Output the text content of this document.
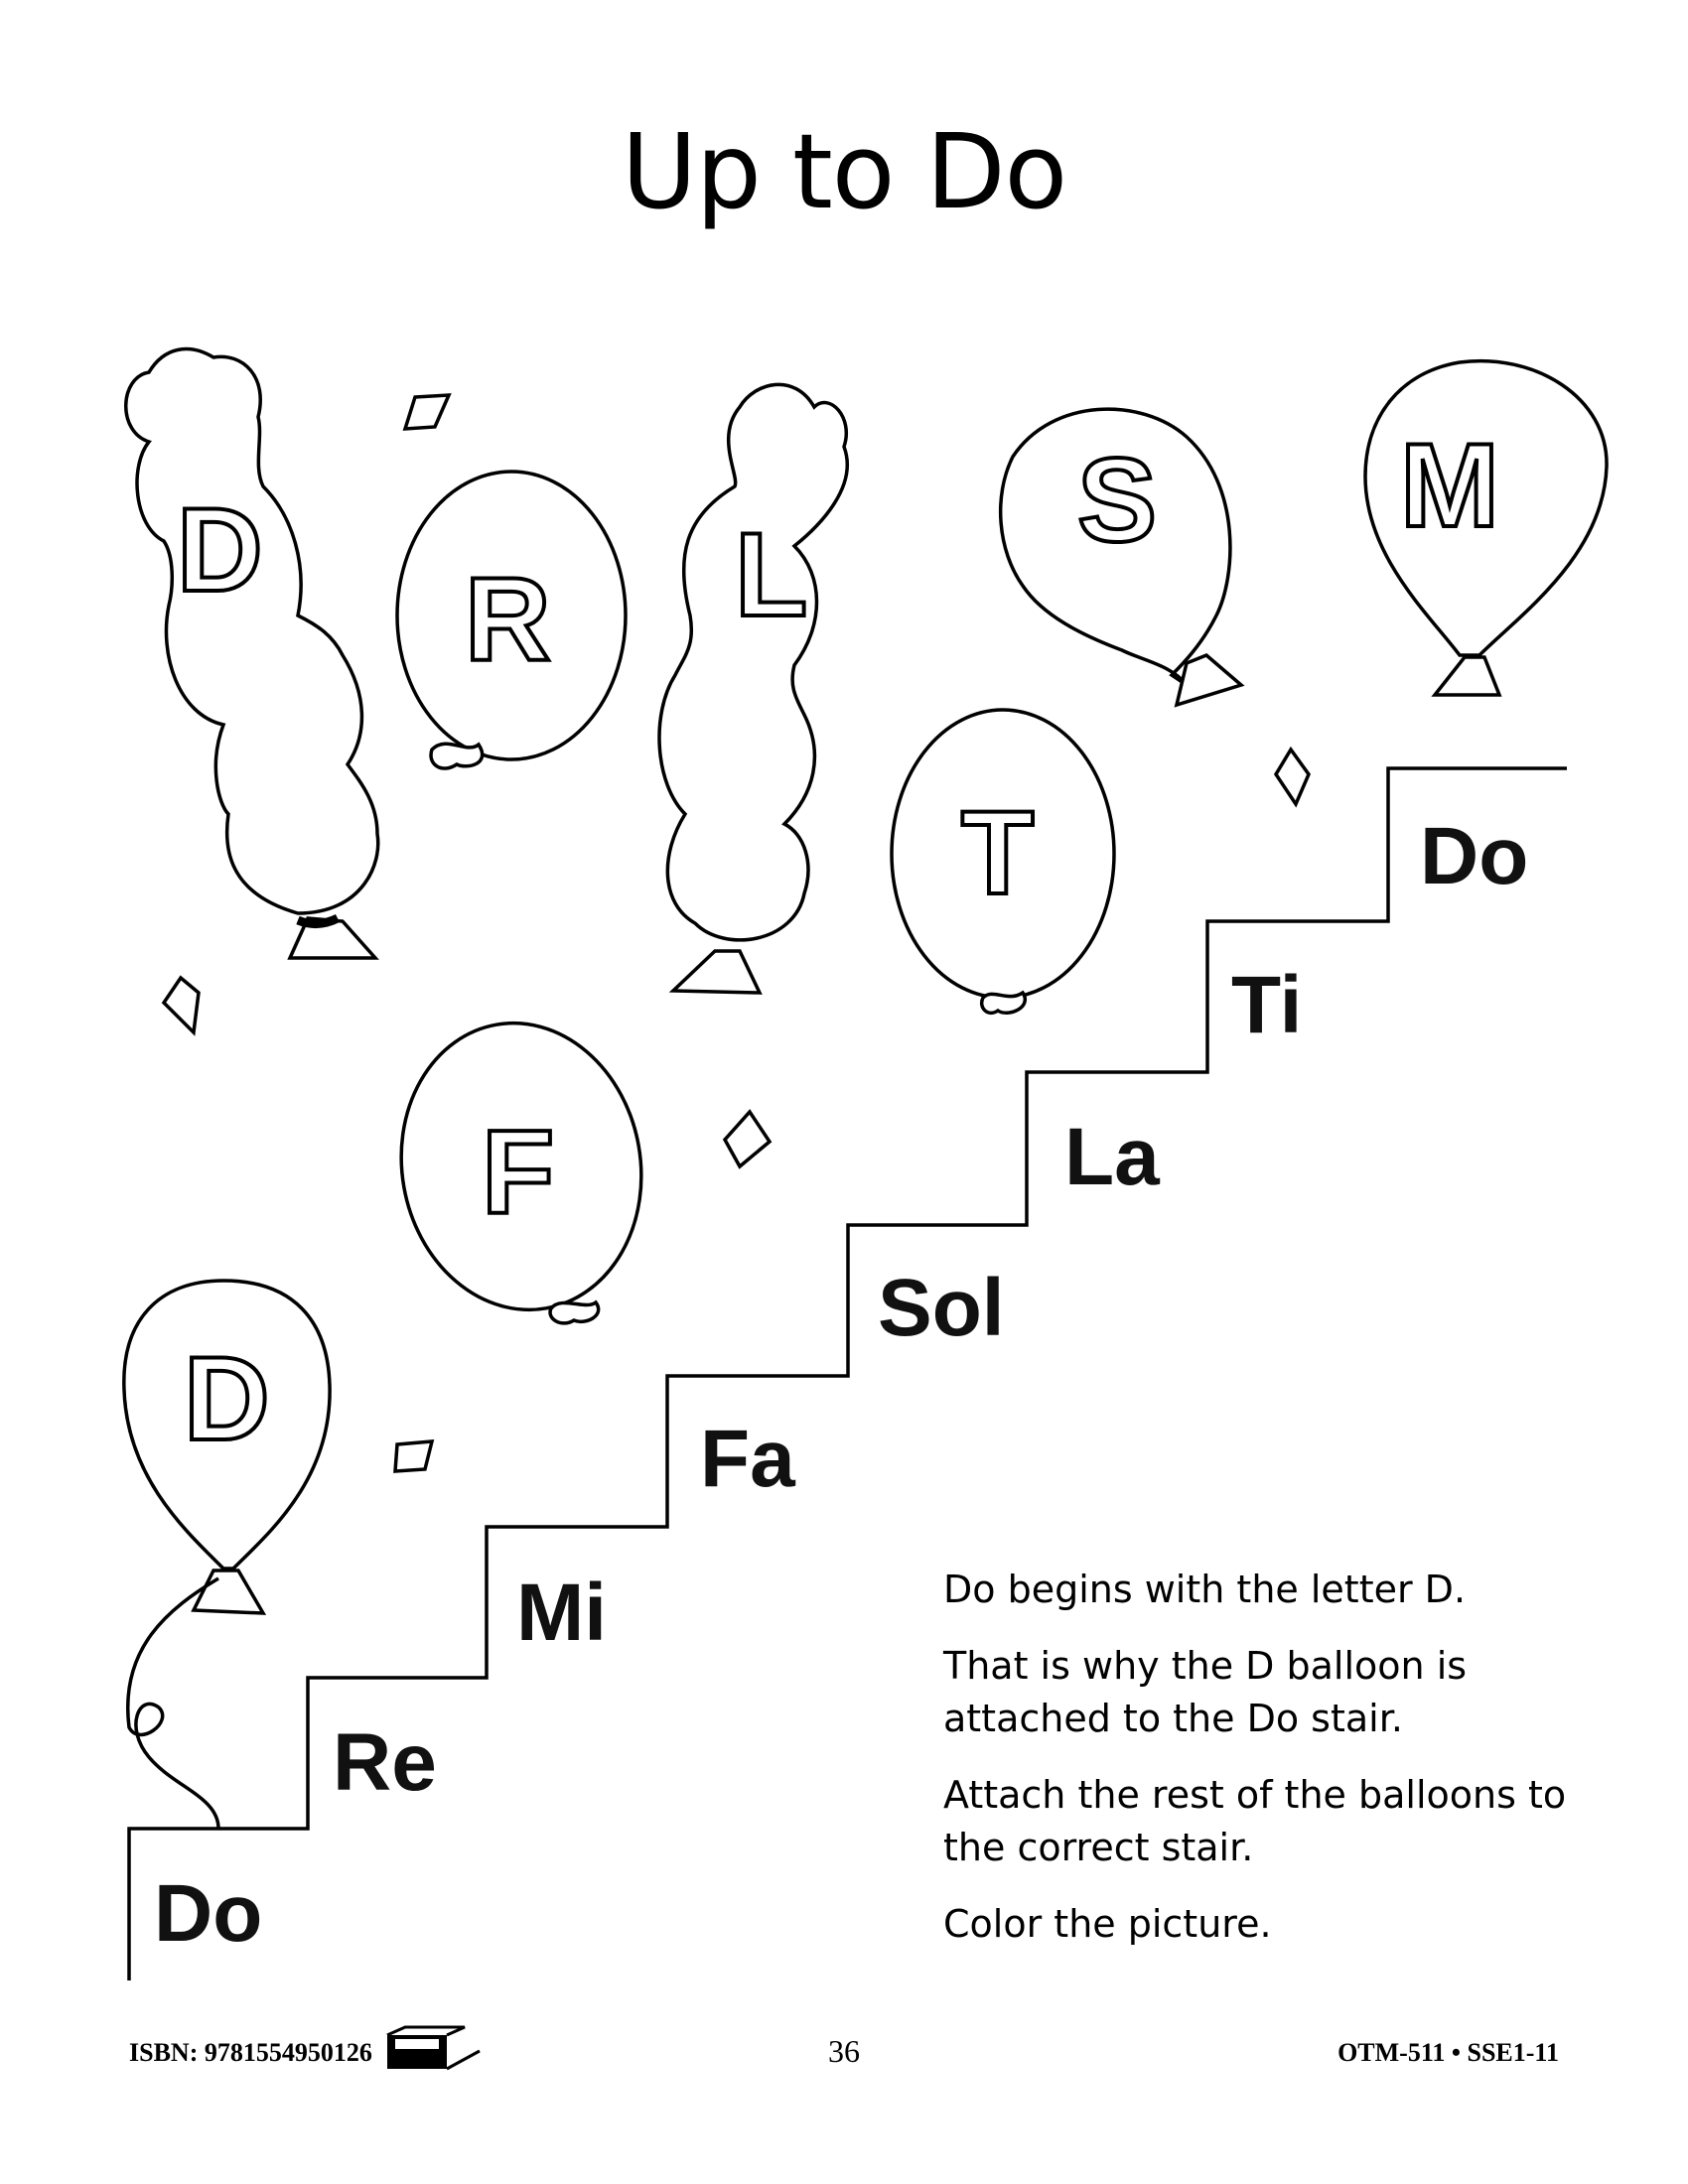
Up to Do
D
R L
S M
T
F
D
Do
Re
Mi
Fa
Sol
La
Ti
Do

Do begins with the letter D.

That is why the D balloon is attached to the Do stair.

Attach the rest of the balloons to the correct stair.

Color the picture.

ISBN: 9781554950126	36	OTM-511 • SSE1-11
